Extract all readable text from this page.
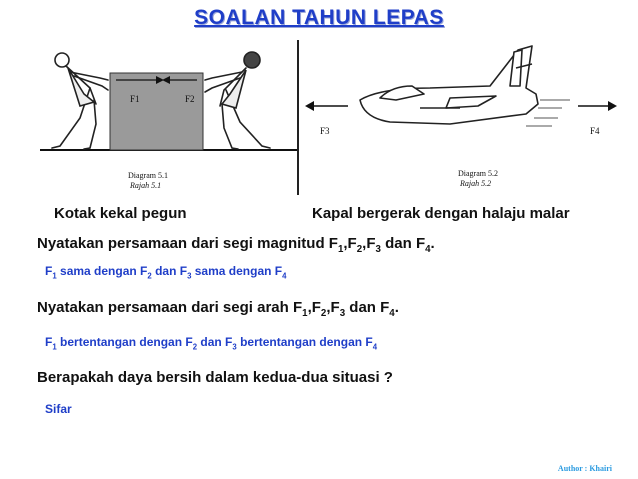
SOALAN TAHUN LEPAS
F1	F2
Diagram 5.1
Rajah 5.1
F3	F4
Diagram 5.2
Rajah 5.2
Kotak kekal pegun	Kapal bergerak dengan halaju malar
Nyatakan persamaan dari segi magnitud $F_1,F_2,F_3$ dan $F_4$.
$F_1$ sama dengan $F_2$ dan $F_3$ sama dengan $F_4$
Nyatakan persamaan dari segi arah $F_1,F_2,F_3$ dan $F_4$.
$F_1$ bertentangan dengan $F_2$ dan $F_3$ bertentangan dengan $F_4$
Berapakah daya bersih dalam kedua-dua situasi ?
Sifar
Author : Khairi
